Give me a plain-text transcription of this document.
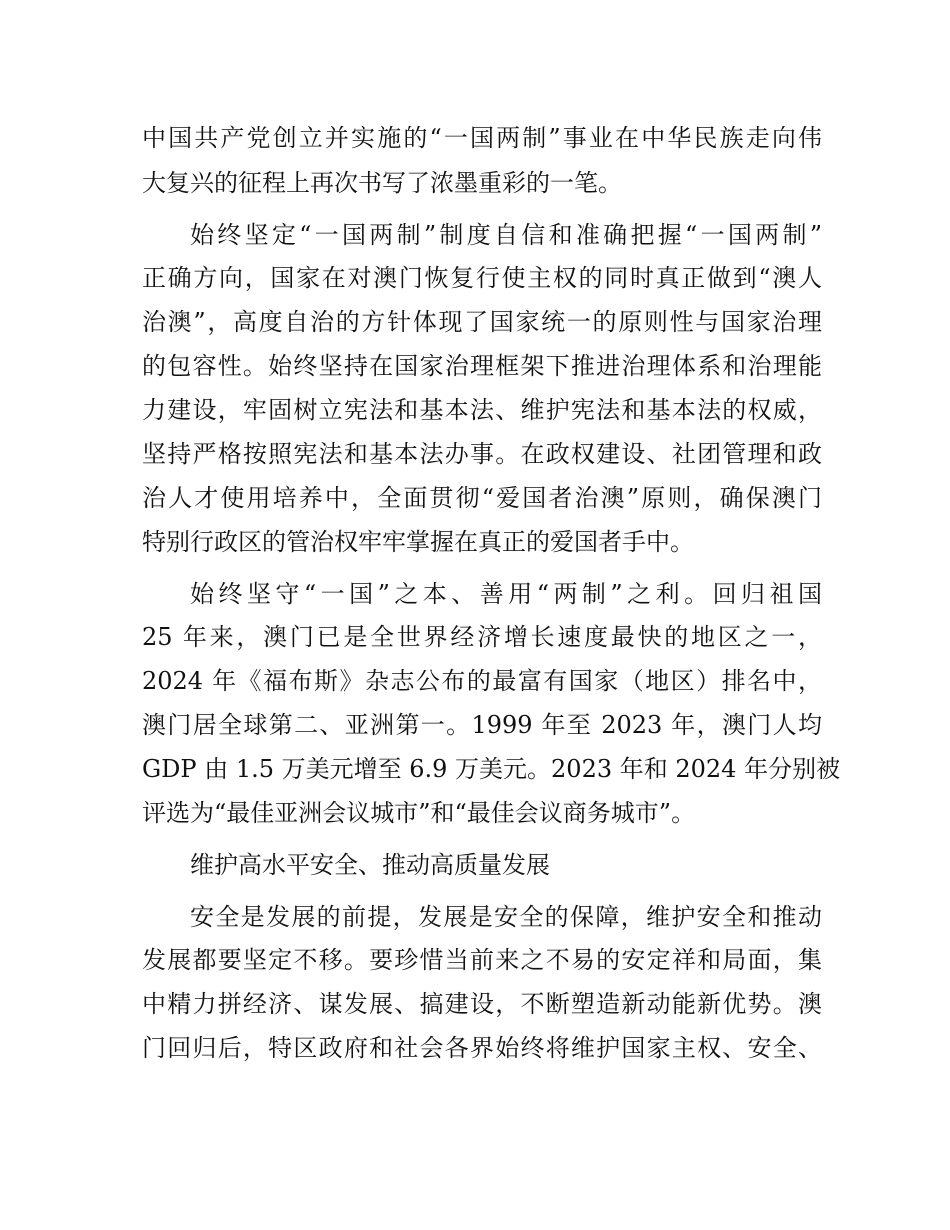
中国共产党创立并实施的“一国两制”事业在中华民族走向伟
大复兴的征程上再次书写了浓墨重彩的一笔。
始终坚定“一国两制”制度自信和准确把握“一国两制”
正确方向，国家在对澳门恢复行使主权的同时真正做到“澳人
治澳”，高度自治的方针体现了国家统一的原则性与国家治理
的包容性。始终坚持在国家治理框架下推进治理体系和治理能
力建设，牢固树立宪法和基本法、维护宪法和基本法的权威，
坚持严格按照宪法和基本法办事。在政权建设、社团管理和政
治人才使用培养中，全面贯彻“爱国者治澳”原则，确保澳门
特别行政区的管治权牢牢掌握在真正的爱国者手中。
始终坚守“一国”之本、善用“两制”之利。回归祖国
25 年来，澳门已是全世界经济增长速度最快的地区之一，
2024 年《福布斯》杂志公布的最富有国家（地区）排名中，
澳门居全球第二、亚洲第一。1999 年至 2023 年，澳门人均
GDP 由 1.5 万美元增至 6.9 万美元。2023 年和 2024 年分别被
评选为“最佳亚洲会议城市”和“最佳会议商务城市”。
维护高水平安全、推动高质量发展
安全是发展的前提，发展是安全的保障，维护安全和推动
发展都要坚定不移。要珍惜当前来之不易的安定祥和局面，集
中精力拼经济、谋发展、搞建设，不断塑造新动能新优势。澳
门回归后，特区政府和社会各界始终将维护国家主权、安全、
